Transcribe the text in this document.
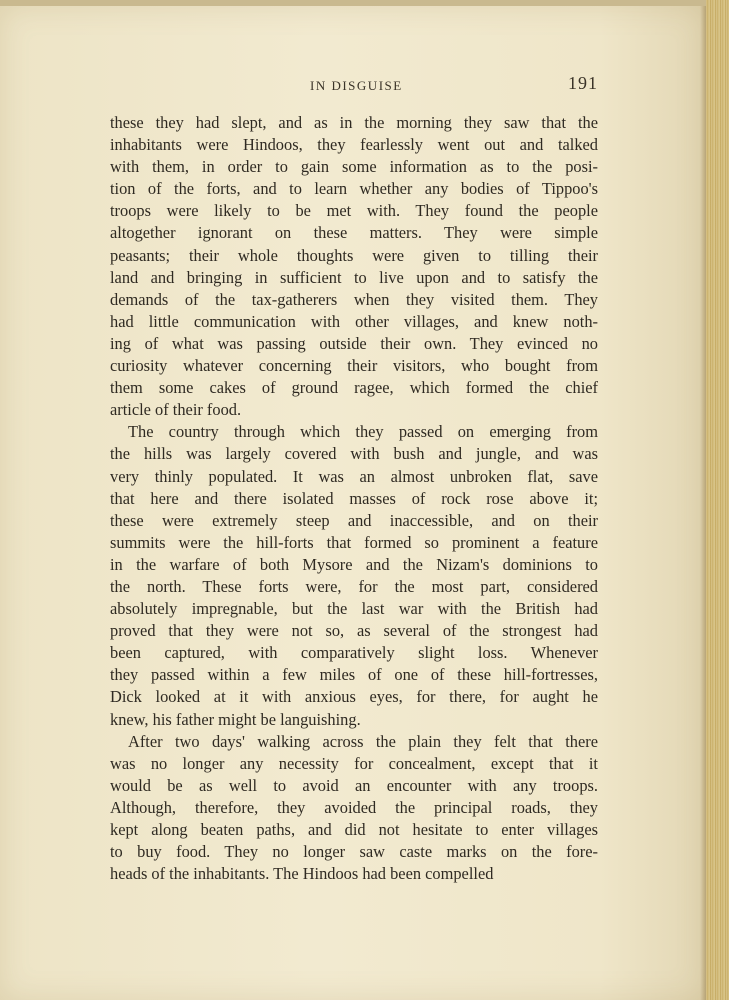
IN DISGUISE	191
these they had slept, and as in the morning they saw that the
inhabitants were Hindoos, they fearlessly went out and talked
with them, in order to gain some information as to the posi-
tion of the forts, and to learn whether any bodies of Tippoo's
troops were likely to be met with. They found the people
altogether ignorant on these matters. They were simple
peasants; their whole thoughts were given to tilling their
land and bringing in sufficient to live upon and to satisfy the
demands of the tax-gatherers when they visited them. They
had little communication with other villages, and knew noth-
ing of what was passing outside their own. They evinced no
curiosity whatever concerning their visitors, who bought from
them some cakes of ground ragee, which formed the chief
article of their food.
The country through which they passed on emerging from
the hills was largely covered with bush and jungle, and was
very thinly populated. It was an almost unbroken flat, save
that here and there isolated masses of rock rose above it;
these were extremely steep and inaccessible, and on their
summits were the hill-forts that formed so prominent a feature
in the warfare of both Mysore and the Nizam's dominions to
the north. These forts were, for the most part, considered
absolutely impregnable, but the last war with the British had
proved that they were not so, as several of the strongest had
been captured, with comparatively slight loss. Whenever
they passed within a few miles of one of these hill-fortresses,
Dick looked at it with anxious eyes, for there, for aught he
knew, his father might be languishing.
After two days' walking across the plain they felt that there
was no longer any necessity for concealment, except that it
would be as well to avoid an encounter with any troops.
Although, therefore, they avoided the principal roads, they
kept along beaten paths, and did not hesitate to enter villages
to buy food. They no longer saw caste marks on the fore-
heads of the inhabitants. The Hindoos had been compelled
